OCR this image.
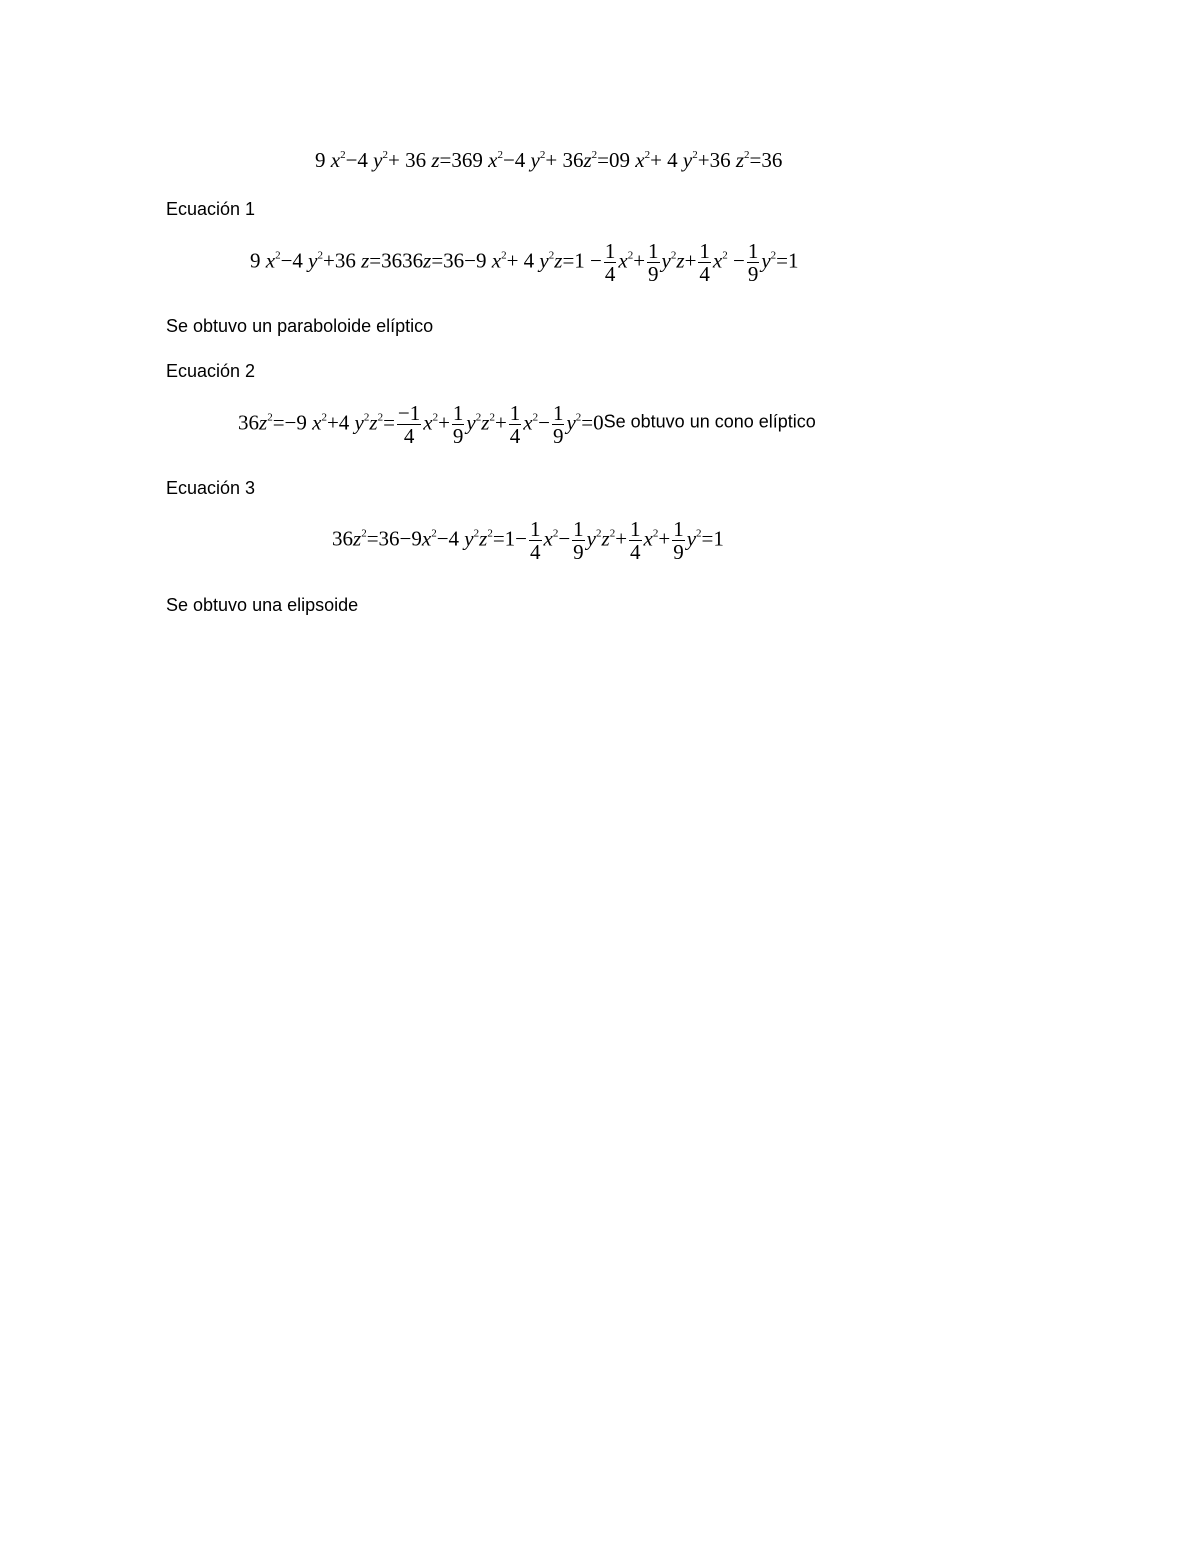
9 $x^2-4$ $y^2+ 36$ z=369 $x^2-4$ $y^2+ 36z^2=09$ $x^2+ 4$ $y^2+36$ $z^2=36$
Ecuación 1
9 $x^2-4$ $y^2+36$ z=3636z=36−9 $x^2+ 4$ $y^2z=1 - \frac{1}{4} x^2+ \frac{1}{9} y^2z+ \frac{1}{4} x^2 - \frac{1}{9} y^2=1$
Se obtuvo un paraboloide elíptico
Ecuación 2
$36z^2=-9$ $x^2+4$ $y^2z^2= \frac{-1}{4} x^2+ \frac{1}{9} y^2z^2+ \frac{1}{4} x^2- \frac{1}{9} y^2=0Se$ obtuvo un cono elíptico
Ecuación 3
$36z^2=36-9x^2-4$ $y^2z^2=1- \frac{1}{4} x^2- \frac{1}{9} y^2z^2+ \frac{1}{4} x^2+ \frac{1}{9} y^2=1$
Se obtuvo una elipsoide
